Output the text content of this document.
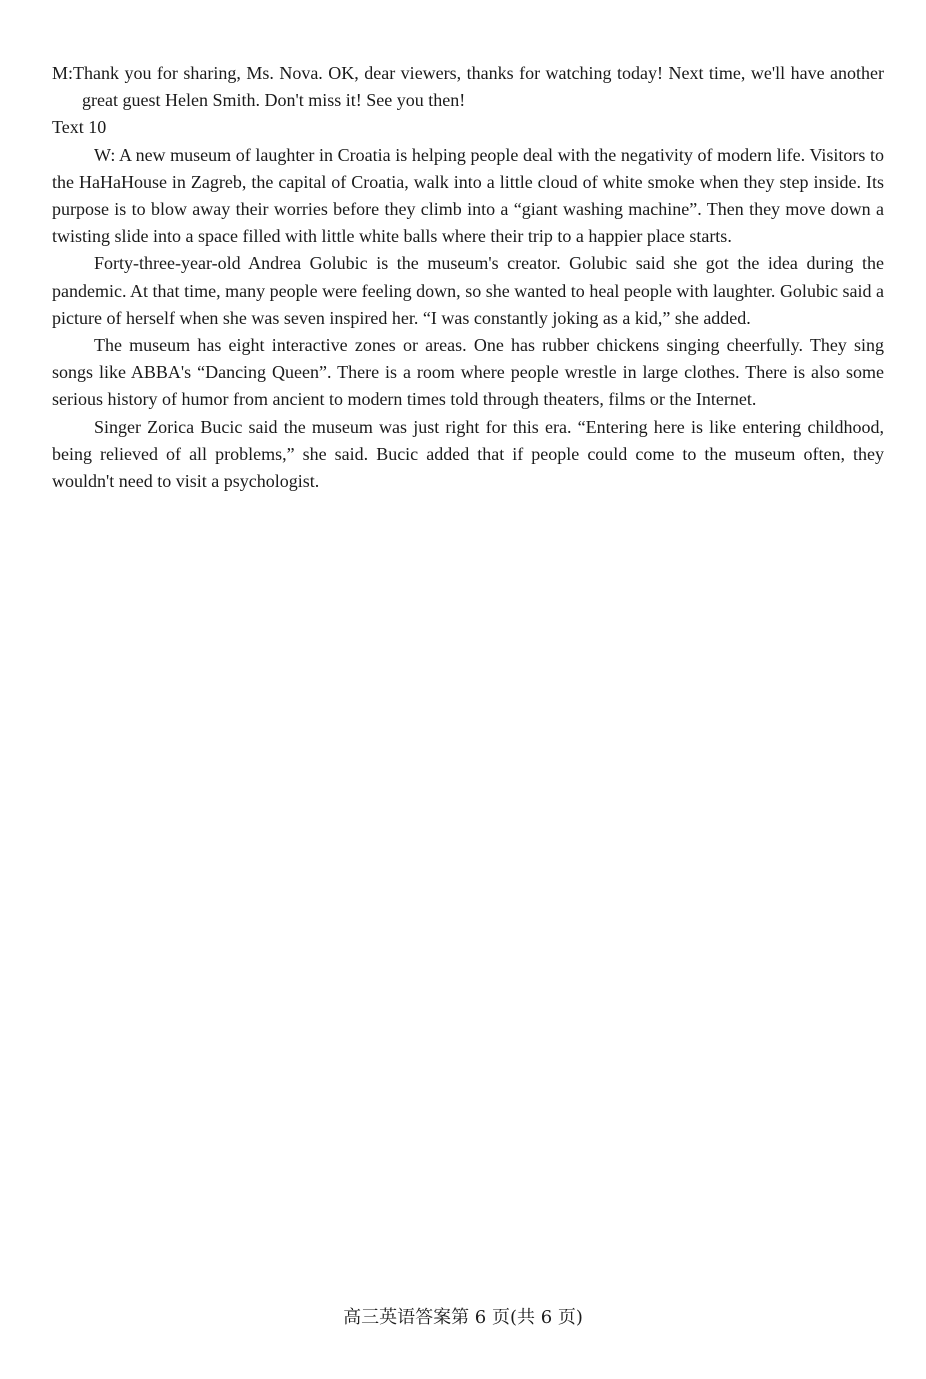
M:Thank you for sharing, Ms. Nova. OK, dear viewers, thanks for watching today! Next time, we'll have another great guest Helen Smith. Don't miss it! See you then!

Text 10

W: A new museum of laughter in Croatia is helping people deal with the negativity of modern life. Visitors to the HaHaHouse in Zagreb, the capital of Croatia, walk into a little cloud of white smoke when they step inside. Its purpose is to blow away their worries before they climb into a “giant washing machine”. Then they move down a twisting slide into a space filled with little white balls where their trip to a happier place starts.

Forty-three-year-old Andrea Golubic is the museum's creator. Golubic said she got the idea during the pandemic. At that time, many people were feeling down, so she wanted to heal people with laughter. Golubic said a picture of herself when she was seven inspired her. “I was constantly joking as a kid,” she added.

The museum has eight interactive zones or areas. One has rubber chickens singing cheerfully. They sing songs like ABBA's “Dancing Queen”. There is a room where people wrestle in large clothes. There is also some serious history of humor from ancient to modern times told through theaters, films or the Internet.

Singer Zorica Bucic said the museum was just right for this era. “Entering here is like entering childhood, being relieved of all problems,” she said. Bucic added that if people could come to the museum often, they wouldn't need to visit a psychologist.

高三英语答案第 6 页(共 6 页)
